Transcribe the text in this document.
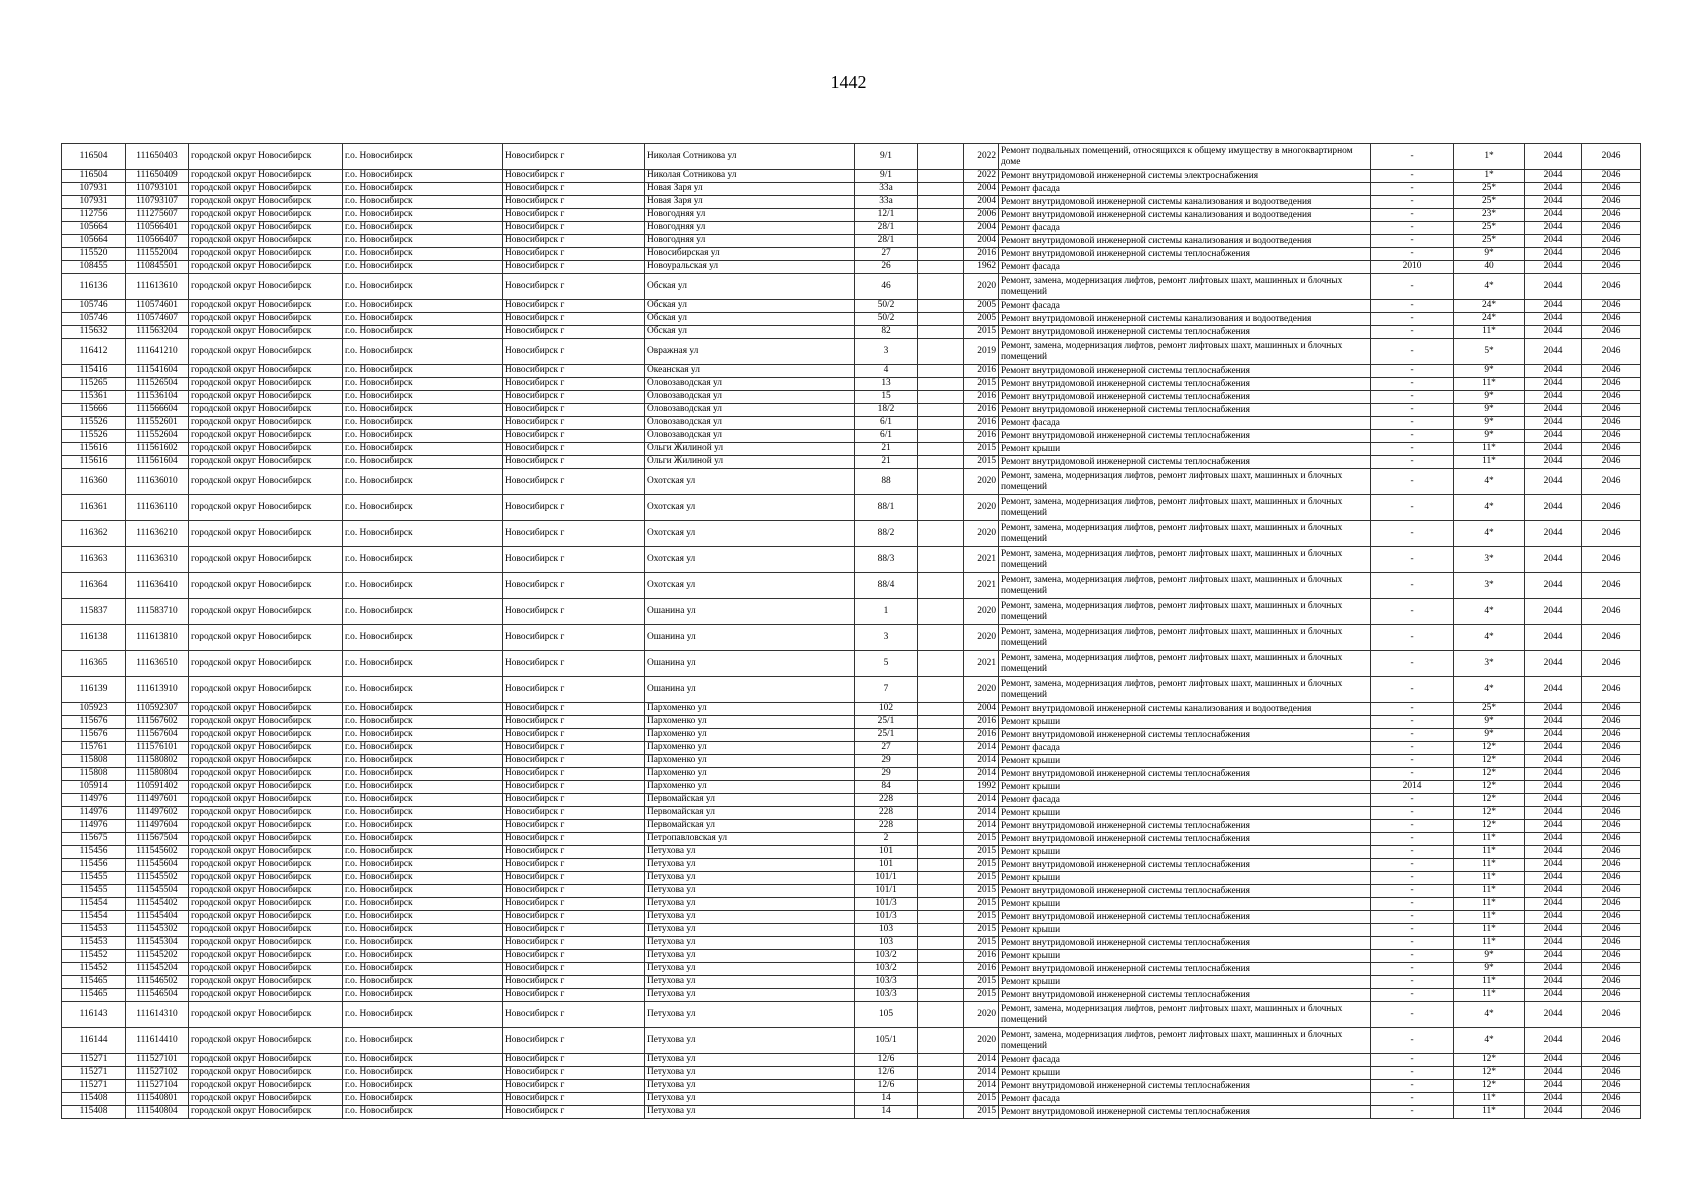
1442
116504	111650403	городской округ Новосибирск	г.о. Новосибирск	Новосибирск г	Николая Сотникова ул	9/1		2022	Ремонт подвальных помещений, относящихся к общему имуществу в многоквартирном доме	-	1*	2044	2046
116504	111650409	городской округ Новосибирск	г.о. Новосибирск	Новосибирск г	Николая Сотникова ул	9/1		2022	Ремонт внутридомовой инженерной системы электроснабжения	-	1*	2044	2046
107931	110793101	городской округ Новосибирск	г.о. Новосибирск	Новосибирск г	Новая Заря ул	33а		2004	Ремонт фасада	-	25*	2044	2046
107931	110793107	городской округ Новосибирск	г.о. Новосибирск	Новосибирск г	Новая Заря ул	33а		2004	Ремонт внутридомовой инженерной системы канализования и водоотведения	-	25*	2044	2046
112756	111275607	городской округ Новосибирск	г.о. Новосибирск	Новосибирск г	Новогодняя ул	12/1		2006	Ремонт внутридомовой инженерной системы канализования и водоотведения	-	23*	2044	2046
105664	110566401	городской округ Новосибирск	г.о. Новосибирск	Новосибирск г	Новогодняя ул	28/1		2004	Ремонт фасада	-	25*	2044	2046
105664	110566407	городской округ Новосибирск	г.о. Новосибирск	Новосибирск г	Новогодняя ул	28/1		2004	Ремонт внутридомовой инженерной системы канализования и водоотведения	-	25*	2044	2046
115520	111552004	городской округ Новосибирск	г.о. Новосибирск	Новосибирск г	Новосибирская ул	27		2016	Ремонт внутридомовой инженерной системы теплоснабжения	-	9*	2044	2046
108455	110845501	городской округ Новосибирск	г.о. Новосибирск	Новосибирск г	Новоуральская ул	26		1962	Ремонт фасада	2010	40	2044	2046
116136	111613610	городской округ Новосибирск	г.о. Новосибирск	Новосибирск г	Обская ул	46		2020	Ремонт, замена, модернизация лифтов, ремонт лифтовых шахт, машинных и блочных помещений	-	4*	2044	2046
105746	110574601	городской округ Новосибирск	г.о. Новосибирск	Новосибирск г	Обская ул	50/2		2005	Ремонт фасада	-	24*	2044	2046
105746	110574607	городской округ Новосибирск	г.о. Новосибирск	Новосибирск г	Обская ул	50/2		2005	Ремонт внутридомовой инженерной системы канализования и водоотведения	-	24*	2044	2046
115632	111563204	городской округ Новосибирск	г.о. Новосибирск	Новосибирск г	Обская ул	82		2015	Ремонт внутридомовой инженерной системы теплоснабжения	-	11*	2044	2046
116412	111641210	городской округ Новосибирск	г.о. Новосибирск	Новосибирск г	Овражная ул	3		2019	Ремонт, замена, модернизация лифтов, ремонт лифтовых шахт, машинных и блочных помещений	-	5*	2044	2046
115416	111541604	городской округ Новосибирск	г.о. Новосибирск	Новосибирск г	Океанская ул	4		2016	Ремонт внутридомовой инженерной системы теплоснабжения	-	9*	2044	2046
115265	111526504	городской округ Новосибирск	г.о. Новосибирск	Новосибирск г	Оловозаводская ул	13		2015	Ремонт внутридомовой инженерной системы теплоснабжения	-	11*	2044	2046
115361	111536104	городской округ Новосибирск	г.о. Новосибирск	Новосибирск г	Оловозаводская ул	15		2016	Ремонт внутридомовой инженерной системы теплоснабжения	-	9*	2044	2046
115666	111566604	городской округ Новосибирск	г.о. Новосибирск	Новосибирск г	Оловозаводская ул	18/2		2016	Ремонт внутридомовой инженерной системы теплоснабжения	-	9*	2044	2046
115526	111552601	городской округ Новосибирск	г.о. Новосибирск	Новосибирск г	Оловозаводская ул	6/1		2016	Ремонт фасада	-	9*	2044	2046
115526	111552604	городской округ Новосибирск	г.о. Новосибирск	Новосибирск г	Оловозаводская ул	6/1		2016	Ремонт внутридомовой инженерной системы теплоснабжения	-	9*	2044	2046
115616	111561602	городской округ Новосибирск	г.о. Новосибирск	Новосибирск г	Ольги Жилиной ул	21		2015	Ремонт крыши	-	11*	2044	2046
115616	111561604	городской округ Новосибирск	г.о. Новосибирск	Новосибирск г	Ольги Жилиной ул	21		2015	Ремонт внутридомовой инженерной системы теплоснабжения	-	11*	2044	2046
116360	111636010	городской округ Новосибирск	г.о. Новосибирск	Новосибирск г	Охотская ул	88		2020	Ремонт, замена, модернизация лифтов, ремонт лифтовых шахт, машинных и блочных помещений	-	4*	2044	2046
116361	111636110	городской округ Новосибирск	г.о. Новосибирск	Новосибирск г	Охотская ул	88/1		2020	Ремонт, замена, модернизация лифтов, ремонт лифтовых шахт, машинных и блочных помещений	-	4*	2044	2046
116362	111636210	городской округ Новосибирск	г.о. Новосибирск	Новосибирск г	Охотская ул	88/2		2020	Ремонт, замена, модернизация лифтов, ремонт лифтовых шахт, машинных и блочных помещений	-	4*	2044	2046
116363	111636310	городской округ Новосибирск	г.о. Новосибирск	Новосибирск г	Охотская ул	88/3		2021	Ремонт, замена, модернизация лифтов, ремонт лифтовых шахт, машинных и блочных помещений	-	3*	2044	2046
116364	111636410	городской округ Новосибирск	г.о. Новосибирск	Новосибирск г	Охотская ул	88/4		2021	Ремонт, замена, модернизация лифтов, ремонт лифтовых шахт, машинных и блочных помещений	-	3*	2044	2046
115837	111583710	городской округ Новосибирск	г.о. Новосибирск	Новосибирск г	Ошанина ул	1		2020	Ремонт, замена, модернизация лифтов, ремонт лифтовых шахт, машинных и блочных помещений	-	4*	2044	2046
116138	111613810	городской округ Новосибирск	г.о. Новосибирск	Новосибирск г	Ошанина ул	3		2020	Ремонт, замена, модернизация лифтов, ремонт лифтовых шахт, машинных и блочных помещений	-	4*	2044	2046
116365	111636510	городской округ Новосибирск	г.о. Новосибирск	Новосибирск г	Ошанина ул	5		2021	Ремонт, замена, модернизация лифтов, ремонт лифтовых шахт, машинных и блочных помещений	-	3*	2044	2046
116139	111613910	городской округ Новосибирск	г.о. Новосибирск	Новосибирск г	Ошанина ул	7		2020	Ремонт, замена, модернизация лифтов, ремонт лифтовых шахт, машинных и блочных помещений	-	4*	2044	2046
105923	110592307	городской округ Новосибирск	г.о. Новосибирск	Новосибирск г	Пархоменко ул	102		2004	Ремонт внутридомовой инженерной системы канализования и водоотведения	-	25*	2044	2046
115676	111567602	городской округ Новосибирск	г.о. Новосибирск	Новосибирск г	Пархоменко ул	25/1		2016	Ремонт крыши	-	9*	2044	2046
115676	111567604	городской округ Новосибирск	г.о. Новосибирск	Новосибирск г	Пархоменко ул	25/1		2016	Ремонт внутридомовой инженерной системы теплоснабжения	-	9*	2044	2046
115761	111576101	городской округ Новосибирск	г.о. Новосибирск	Новосибирск г	Пархоменко ул	27		2014	Ремонт фасада	-	12*	2044	2046
115808	111580802	городской округ Новосибирск	г.о. Новосибирск	Новосибирск г	Пархоменко ул	29		2014	Ремонт крыши	-	12*	2044	2046
115808	111580804	городской округ Новосибирск	г.о. Новосибирск	Новосибирск г	Пархоменко ул	29		2014	Ремонт внутридомовой инженерной системы теплоснабжения	-	12*	2044	2046
105914	110591402	городской округ Новосибирск	г.о. Новосибирск	Новосибирск г	Пархоменко ул	84		1992	Ремонт крыши	2014	12*	2044	2046
114976	111497601	городской округ Новосибирск	г.о. Новосибирск	Новосибирск г	Первомайская ул	228		2014	Ремонт фасада	-	12*	2044	2046
114976	111497602	городской округ Новосибирск	г.о. Новосибирск	Новосибирск г	Первомайская ул	228		2014	Ремонт крыши	-	12*	2044	2046
114976	111497604	городской округ Новосибирск	г.о. Новосибирск	Новосибирск г	Первомайская ул	228		2014	Ремонт внутридомовой инженерной системы теплоснабжения	-	12*	2044	2046
115675	111567504	городской округ Новосибирск	г.о. Новосибирск	Новосибирск г	Петропавловская ул	2		2015	Ремонт внутридомовой инженерной системы теплоснабжения	-	11*	2044	2046
115456	111545602	городской округ Новосибирск	г.о. Новосибирск	Новосибирск г	Петухова ул	101		2015	Ремонт крыши	-	11*	2044	2046
115456	111545604	городской округ Новосибирск	г.о. Новосибирск	Новосибирск г	Петухова ул	101		2015	Ремонт внутридомовой инженерной системы теплоснабжения	-	11*	2044	2046
115455	111545502	городской округ Новосибирск	г.о. Новосибирск	Новосибирск г	Петухова ул	101/1		2015	Ремонт крыши	-	11*	2044	2046
115455	111545504	городской округ Новосибирск	г.о. Новосибирск	Новосибирск г	Петухова ул	101/1		2015	Ремонт внутридомовой инженерной системы теплоснабжения	-	11*	2044	2046
115454	111545402	городской округ Новосибирск	г.о. Новосибирск	Новосибирск г	Петухова ул	101/3		2015	Ремонт крыши	-	11*	2044	2046
115454	111545404	городской округ Новосибирск	г.о. Новосибирск	Новосибирск г	Петухова ул	101/3		2015	Ремонт внутридомовой инженерной системы теплоснабжения	-	11*	2044	2046
115453	111545302	городской округ Новосибирск	г.о. Новосибирск	Новосибирск г	Петухова ул	103		2015	Ремонт крыши	-	11*	2044	2046
115453	111545304	городской округ Новосибирск	г.о. Новосибирск	Новосибирск г	Петухова ул	103		2015	Ремонт внутридомовой инженерной системы теплоснабжения	-	11*	2044	2046
115452	111545202	городской округ Новосибирск	г.о. Новосибирск	Новосибирск г	Петухова ул	103/2		2016	Ремонт крыши	-	9*	2044	2046
115452	111545204	городской округ Новосибирск	г.о. Новосибирск	Новосибирск г	Петухова ул	103/2		2016	Ремонт внутридомовой инженерной системы теплоснабжения	-	9*	2044	2046
115465	111546502	городской округ Новосибирск	г.о. Новосибирск	Новосибирск г	Петухова ул	103/3		2015	Ремонт крыши	-	11*	2044	2046
115465	111546504	городской округ Новосибирск	г.о. Новосибирск	Новосибирск г	Петухова ул	103/3		2015	Ремонт внутридомовой инженерной системы теплоснабжения	-	11*	2044	2046
116143	111614310	городской округ Новосибирск	г.о. Новосибирск	Новосибирск г	Петухова ул	105		2020	Ремонт, замена, модернизация лифтов, ремонт лифтовых шахт, машинных и блочных помещений	-	4*	2044	2046
116144	111614410	городской округ Новосибирск	г.о. Новосибирск	Новосибирск г	Петухова ул	105/1		2020	Ремонт, замена, модернизация лифтов, ремонт лифтовых шахт, машинных и блочных помещений	-	4*	2044	2046
115271	111527101	городской округ Новосибирск	г.о. Новосибирск	Новосибирск г	Петухова ул	12/6		2014	Ремонт фасада	-	12*	2044	2046
115271	111527102	городской округ Новосибирск	г.о. Новосибирск	Новосибирск г	Петухова ул	12/6		2014	Ремонт крыши	-	12*	2044	2046
115271	111527104	городской округ Новосибирск	г.о. Новосибирск	Новосибирск г	Петухова ул	12/6		2014	Ремонт внутридомовой инженерной системы теплоснабжения	-	12*	2044	2046
115408	111540801	городской округ Новосибирск	г.о. Новосибирск	Новосибирск г	Петухова ул	14		2015	Ремонт фасада	-	11*	2044	2046
115408	111540804	городской округ Новосибирск	г.о. Новосибирск	Новосибирск г	Петухова ул	14		2015	Ремонт внутридомовой инженерной системы теплоснабжения	-	11*	2044	2046
